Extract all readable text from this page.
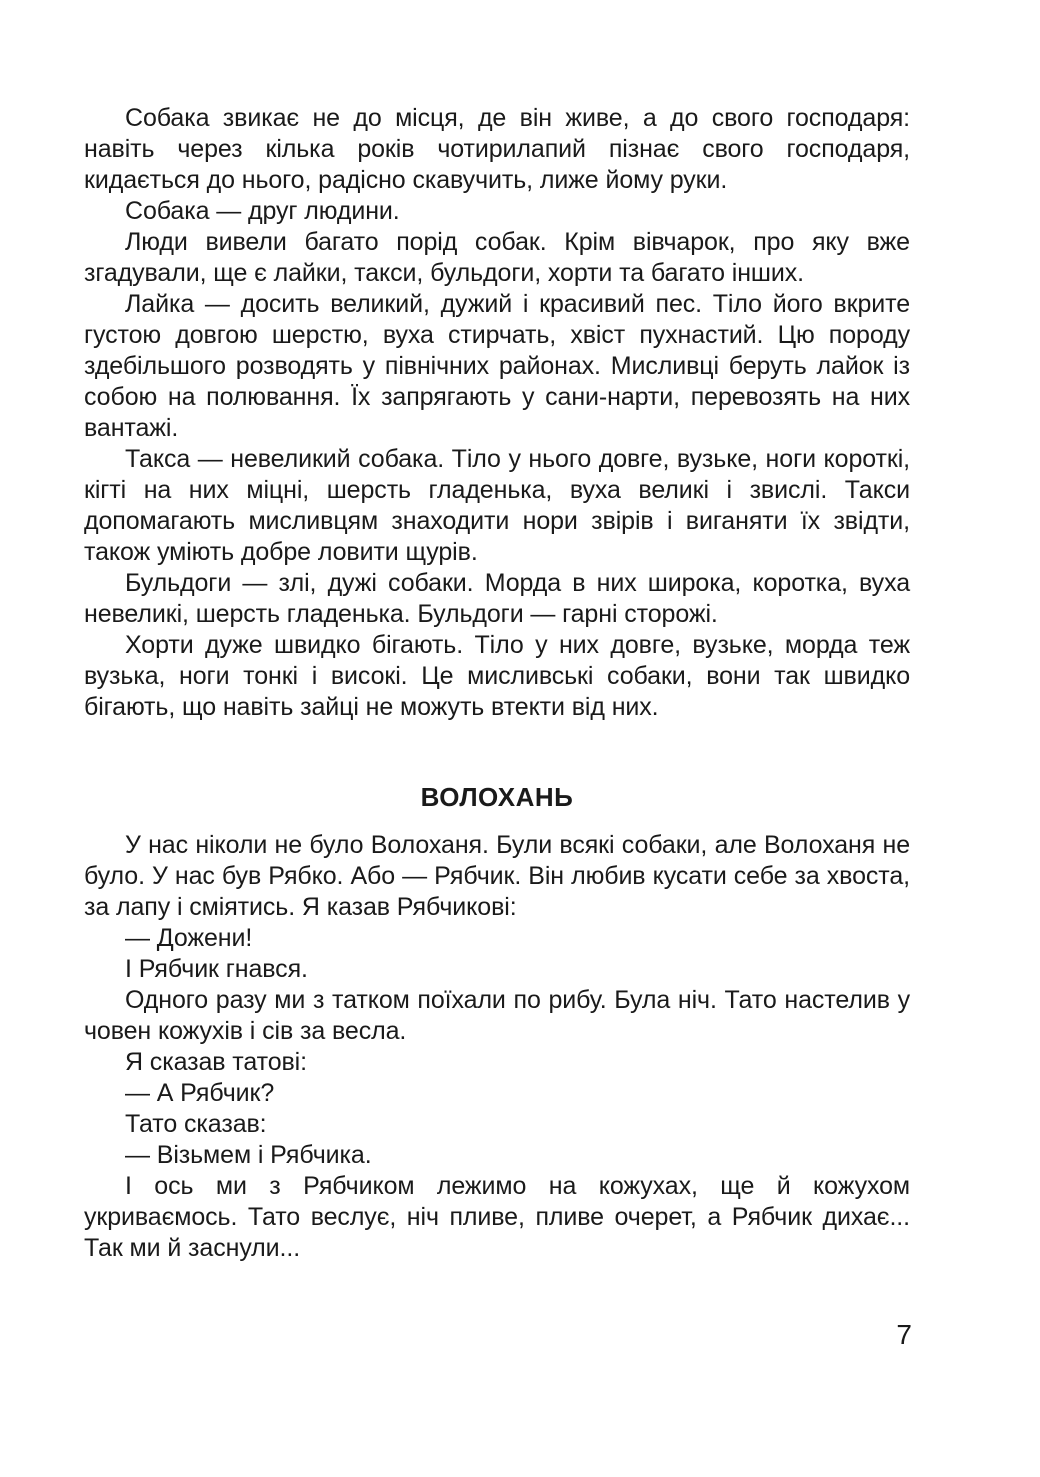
Собака звикає не до місця, де він живе, а до свого господаря: навіть через кілька років чотирилапий пізнає свого господаря, кидається до нього, радісно скавучить, лиже йому руки.

Собака — друг людини.

Люди вивели багато порід собак. Крім вівчарок, про яку вже згадували, ще є лайки, такси, бульдоги, хорти та багато інших.

Лайка — досить великий, дужий і красивий пес. Тіло його вкрите густою довгою шерстю, вуха стирчать, хвіст пухнастий. Цю породу здебільшого розводять у північних районах. Мисливці беруть лайок із собою на полювання. Їх запрягають у сани-нарти, перевозять на них вантажі.

Такса — невеликий собака. Тіло у нього довге, вузьке, ноги короткі, кігті на них міцні, шерсть гладенька, вуха великі і звислі. Такси допомагають мисливцям знаходити нори звірів і виганяти їх звідти, також уміють добре ловити щурів.

Бульдоги — злі, дужі собаки. Морда в них широка, коротка, вуха невеликі, шерсть гладенька. Бульдоги — гарні сторожі.

Хорти дуже швидко бігають. Тіло у них довге, вузьке, морда теж вузька, ноги тонкі і високі. Це мисливські собаки, вони так швидко бігають, що навіть зайці не можуть втекти від них.

ВОЛОХАНЬ

У нас ніколи не було Волоханя. Були всякі собаки, але Волоханя не було. У нас був Рябко. Або — Рябчик. Він любив кусати себе за хвоста, за лапу і сміятись. Я казав Рябчикові:

— Дожени!

І Рябчик гнався.

Одного разу ми з татком поїхали по рибу. Була ніч. Тато настелив у човен кожухів і сів за весла.

Я сказав татові:

— А Рябчик?

Тато сказав:

— Візьмем і Рябчика.

І ось ми з Рябчиком лежимо на кожухах, ще й кожухом укриваємось. Тато веслує, ніч пливе, пливе очерет, а Рябчик дихає... Так ми й заснули...

7
